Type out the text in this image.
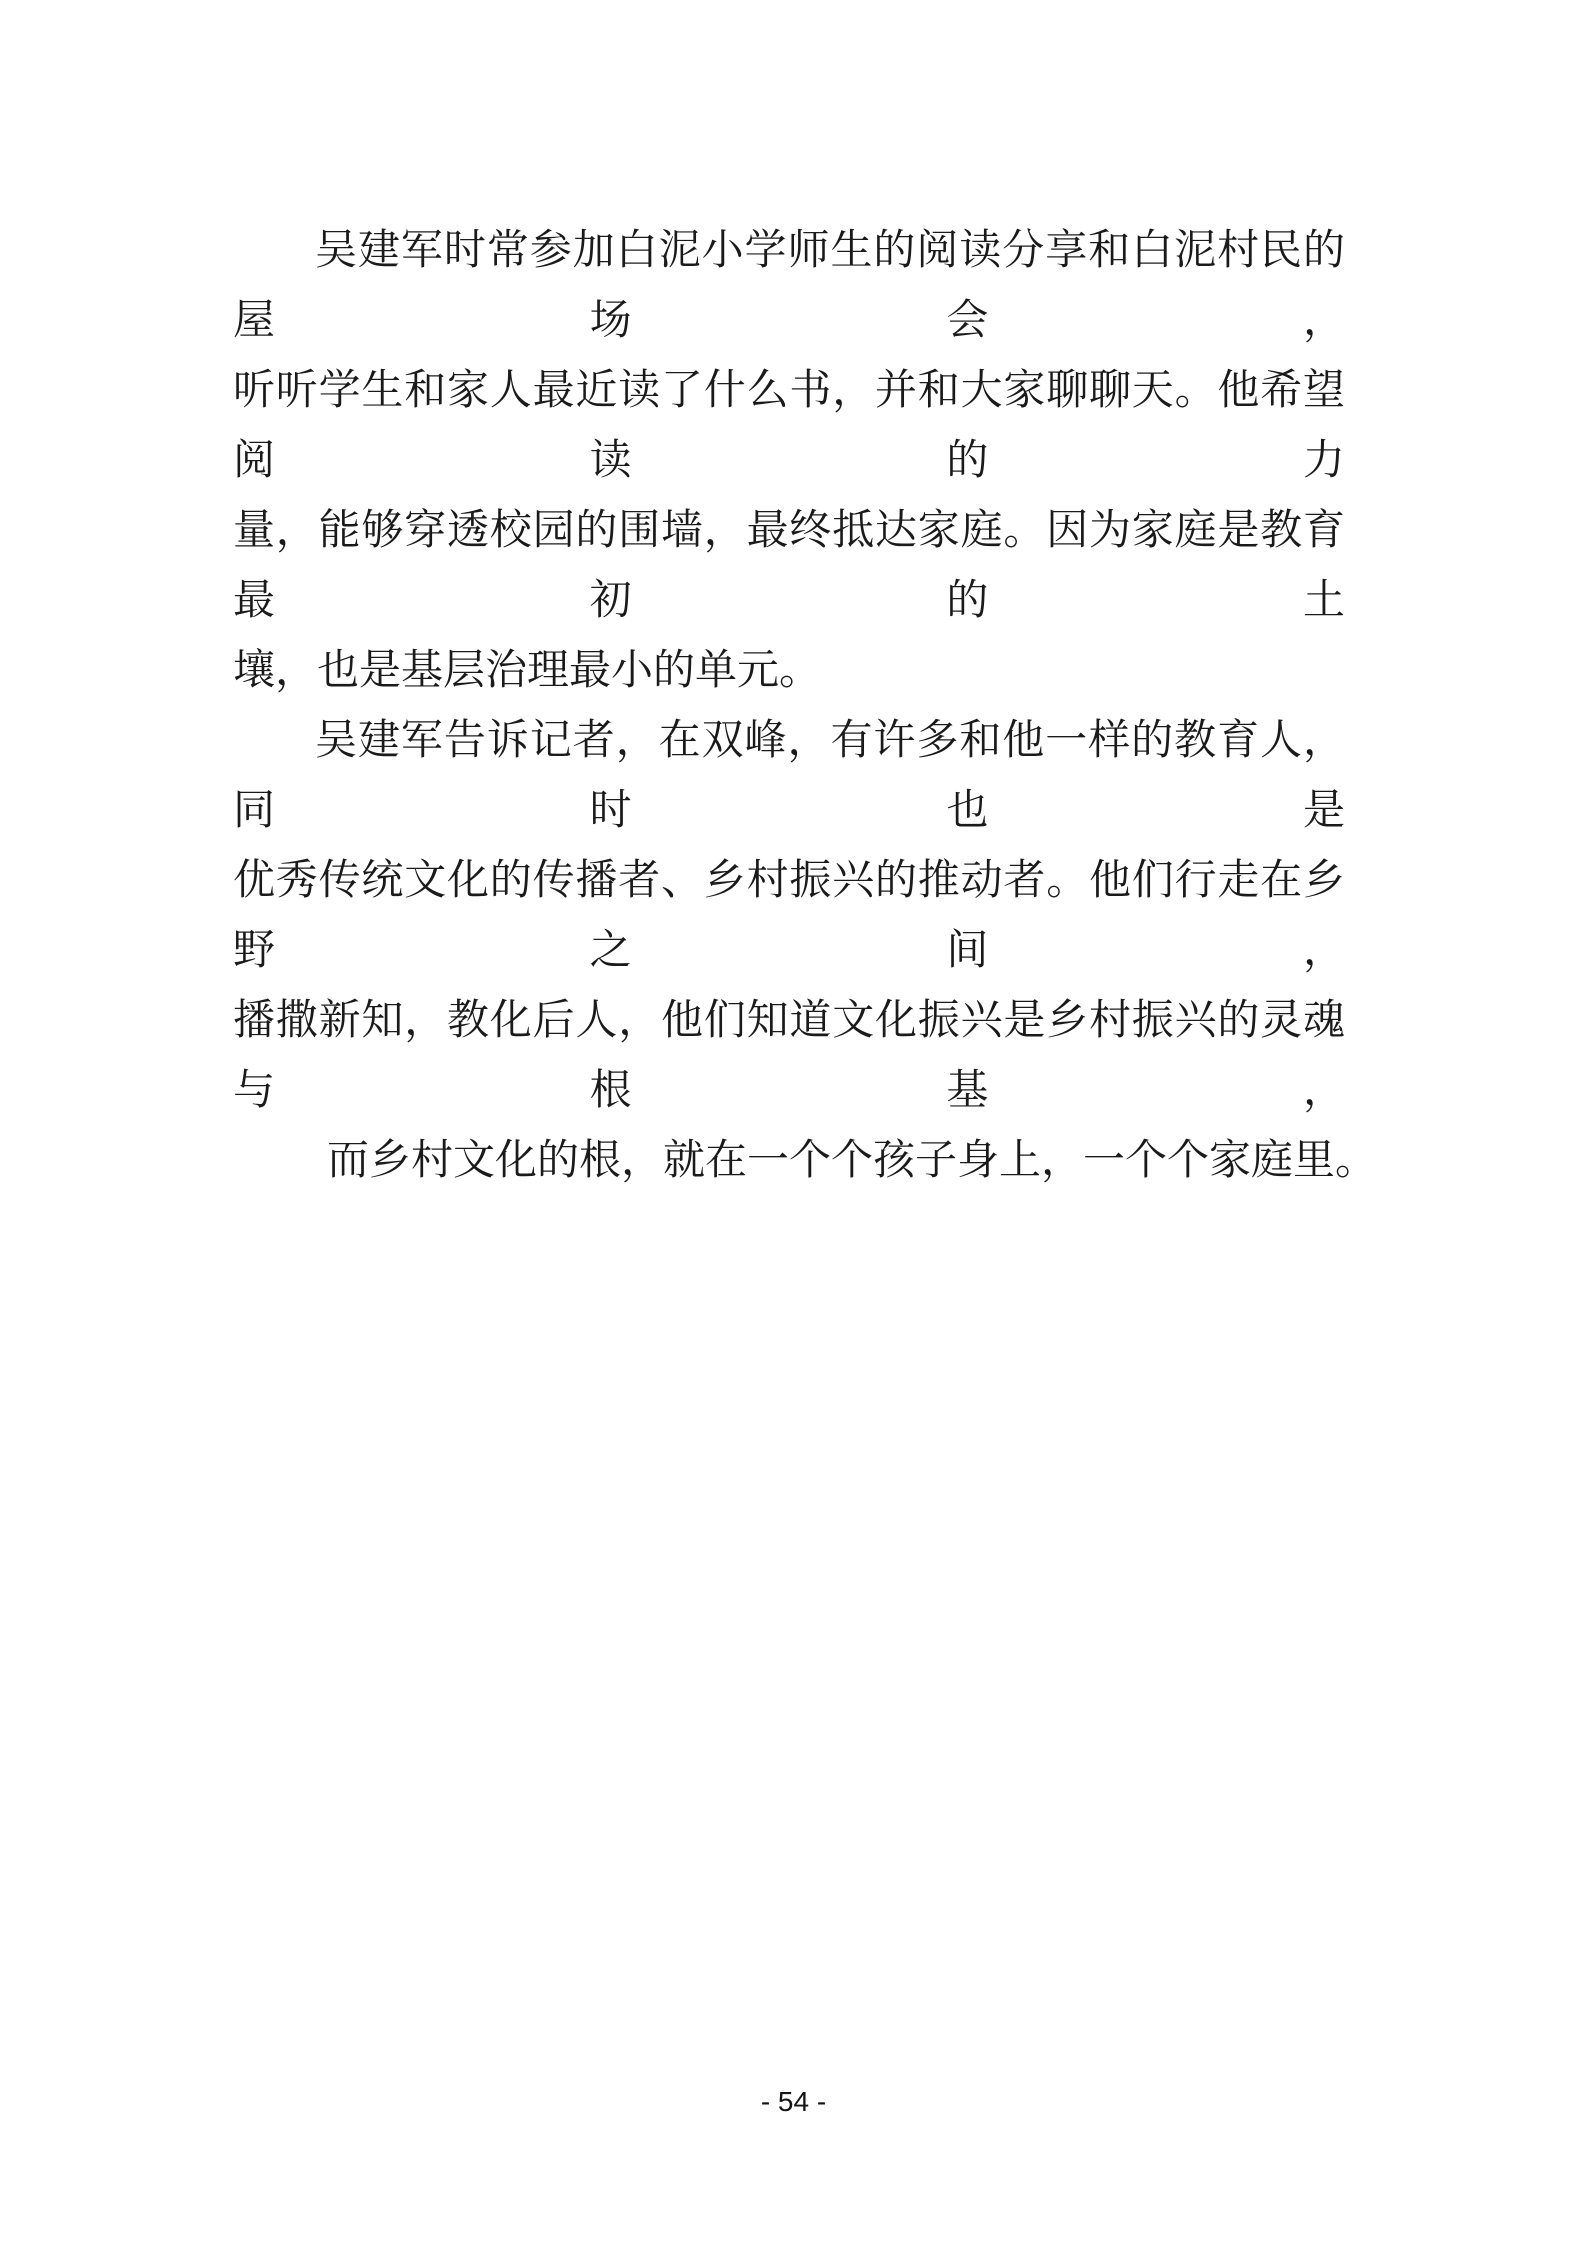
吴建军时常参加白泥小学师生的阅读分享和白泥村民的屋场会，

听听学生和家人最近读了什么书，并和大家聊聊天。他希望阅读的力

量，能够穿透校园的围墙，最终抵达家庭。因为家庭是教育最初的土

壤，也是基层治理最小的单元。

吴建军告诉记者，在双峰，有许多和他一样的教育人，同时也是

优秀传统文化的传播者、乡村振兴的推动者。他们行走在乡野之间，

播撒新知，教化后人，他们知道文化振兴是乡村振兴的灵魂与根基，

而乡村文化的根，就在一个个孩子身上，一个个家庭里。

- 54 -
